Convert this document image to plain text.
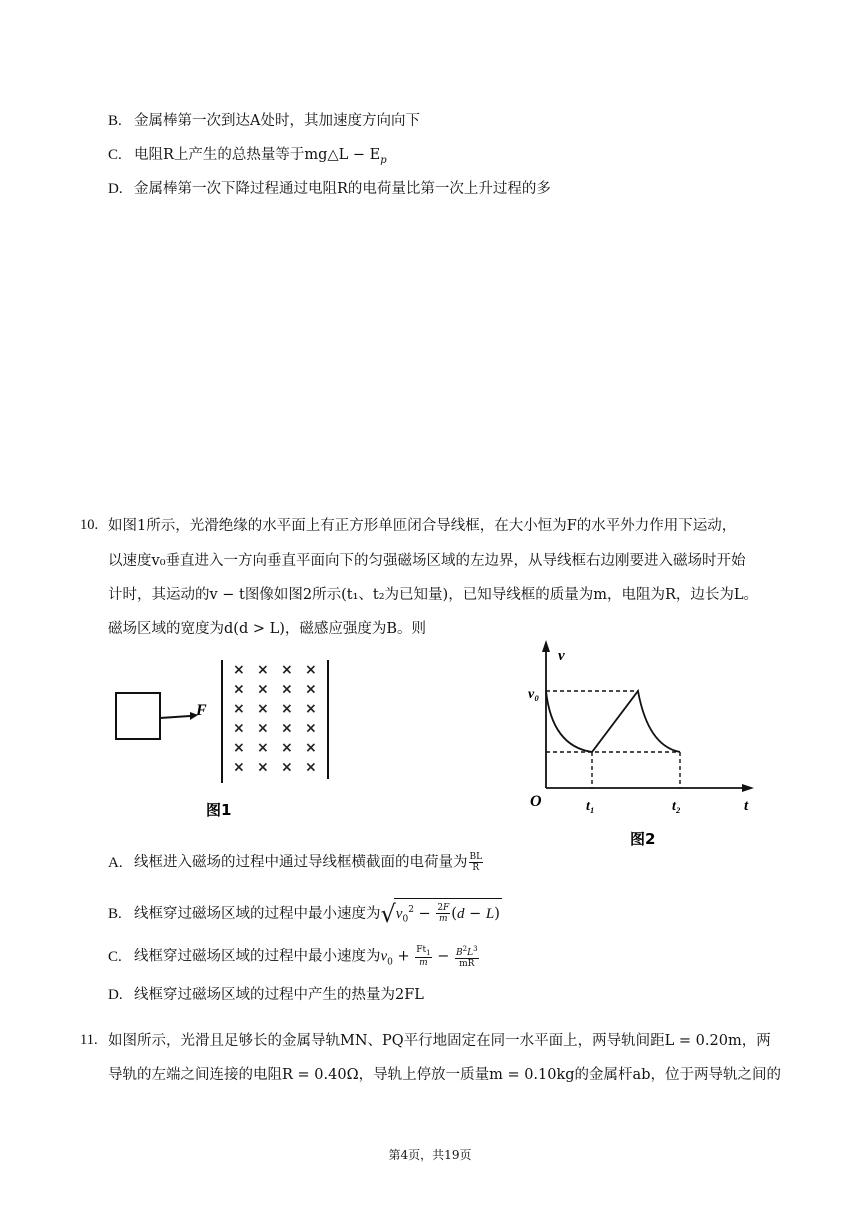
B. 金属棒第一次到达A处时，其加速度方向向下
C. 电阻R上产生的总热量等于mg△L − $E_p$
D. 金属棒第一次下降过程通过电阻R的电荷量比第一次上升过程的多
10. 如图1所示，光滑绝缘的水平面上有正方形单匝闭合导线框，在大小恒为F的水平外力作用下运动，
以速度v₀垂直进入一方向垂直平面向下的匀强磁场区域的左边界，从导线框右边刚要进入磁场时开始
计时，其运动的v − t图像如图2所示(t₁、t₂为已知量)，已知导线框的质量为m，电阻为R，边长为L。
磁场区域的宽度为d(d > L)，磁感应强度为B。则
F
× × × ×
× × × ×
× × × ×
× × × ×
× × × ×
× × × ×
图1
v
t
O
v₀
t₁	t₂
图2
A. 线框进入磁场的过程中通过导线框横截面的电荷量为 $\frac{BL}{R}$
B. 线框穿过磁场区域的过程中最小速度为$√v_0^2 - \frac{2F}{m} (d - L)$
C. 线框穿过磁场区域的过程中最小速度为$v_0 + \frac{Ft_1}{m} - \frac{B^2L^3}{mR}$
D. 线框穿过磁场区域的过程中产生的热量为2FL
11. 如图所示，光滑且足够长的金属导轨MN、PQ平行地固定在同一水平面上，两导轨间距L = 0.20m，两
导轨的左端之间连接的电阻R = 0.40Ω，导轨上停放一质量m = 0.10kg的金属杆ab，位于两导轨之间的
第4页，共19页
